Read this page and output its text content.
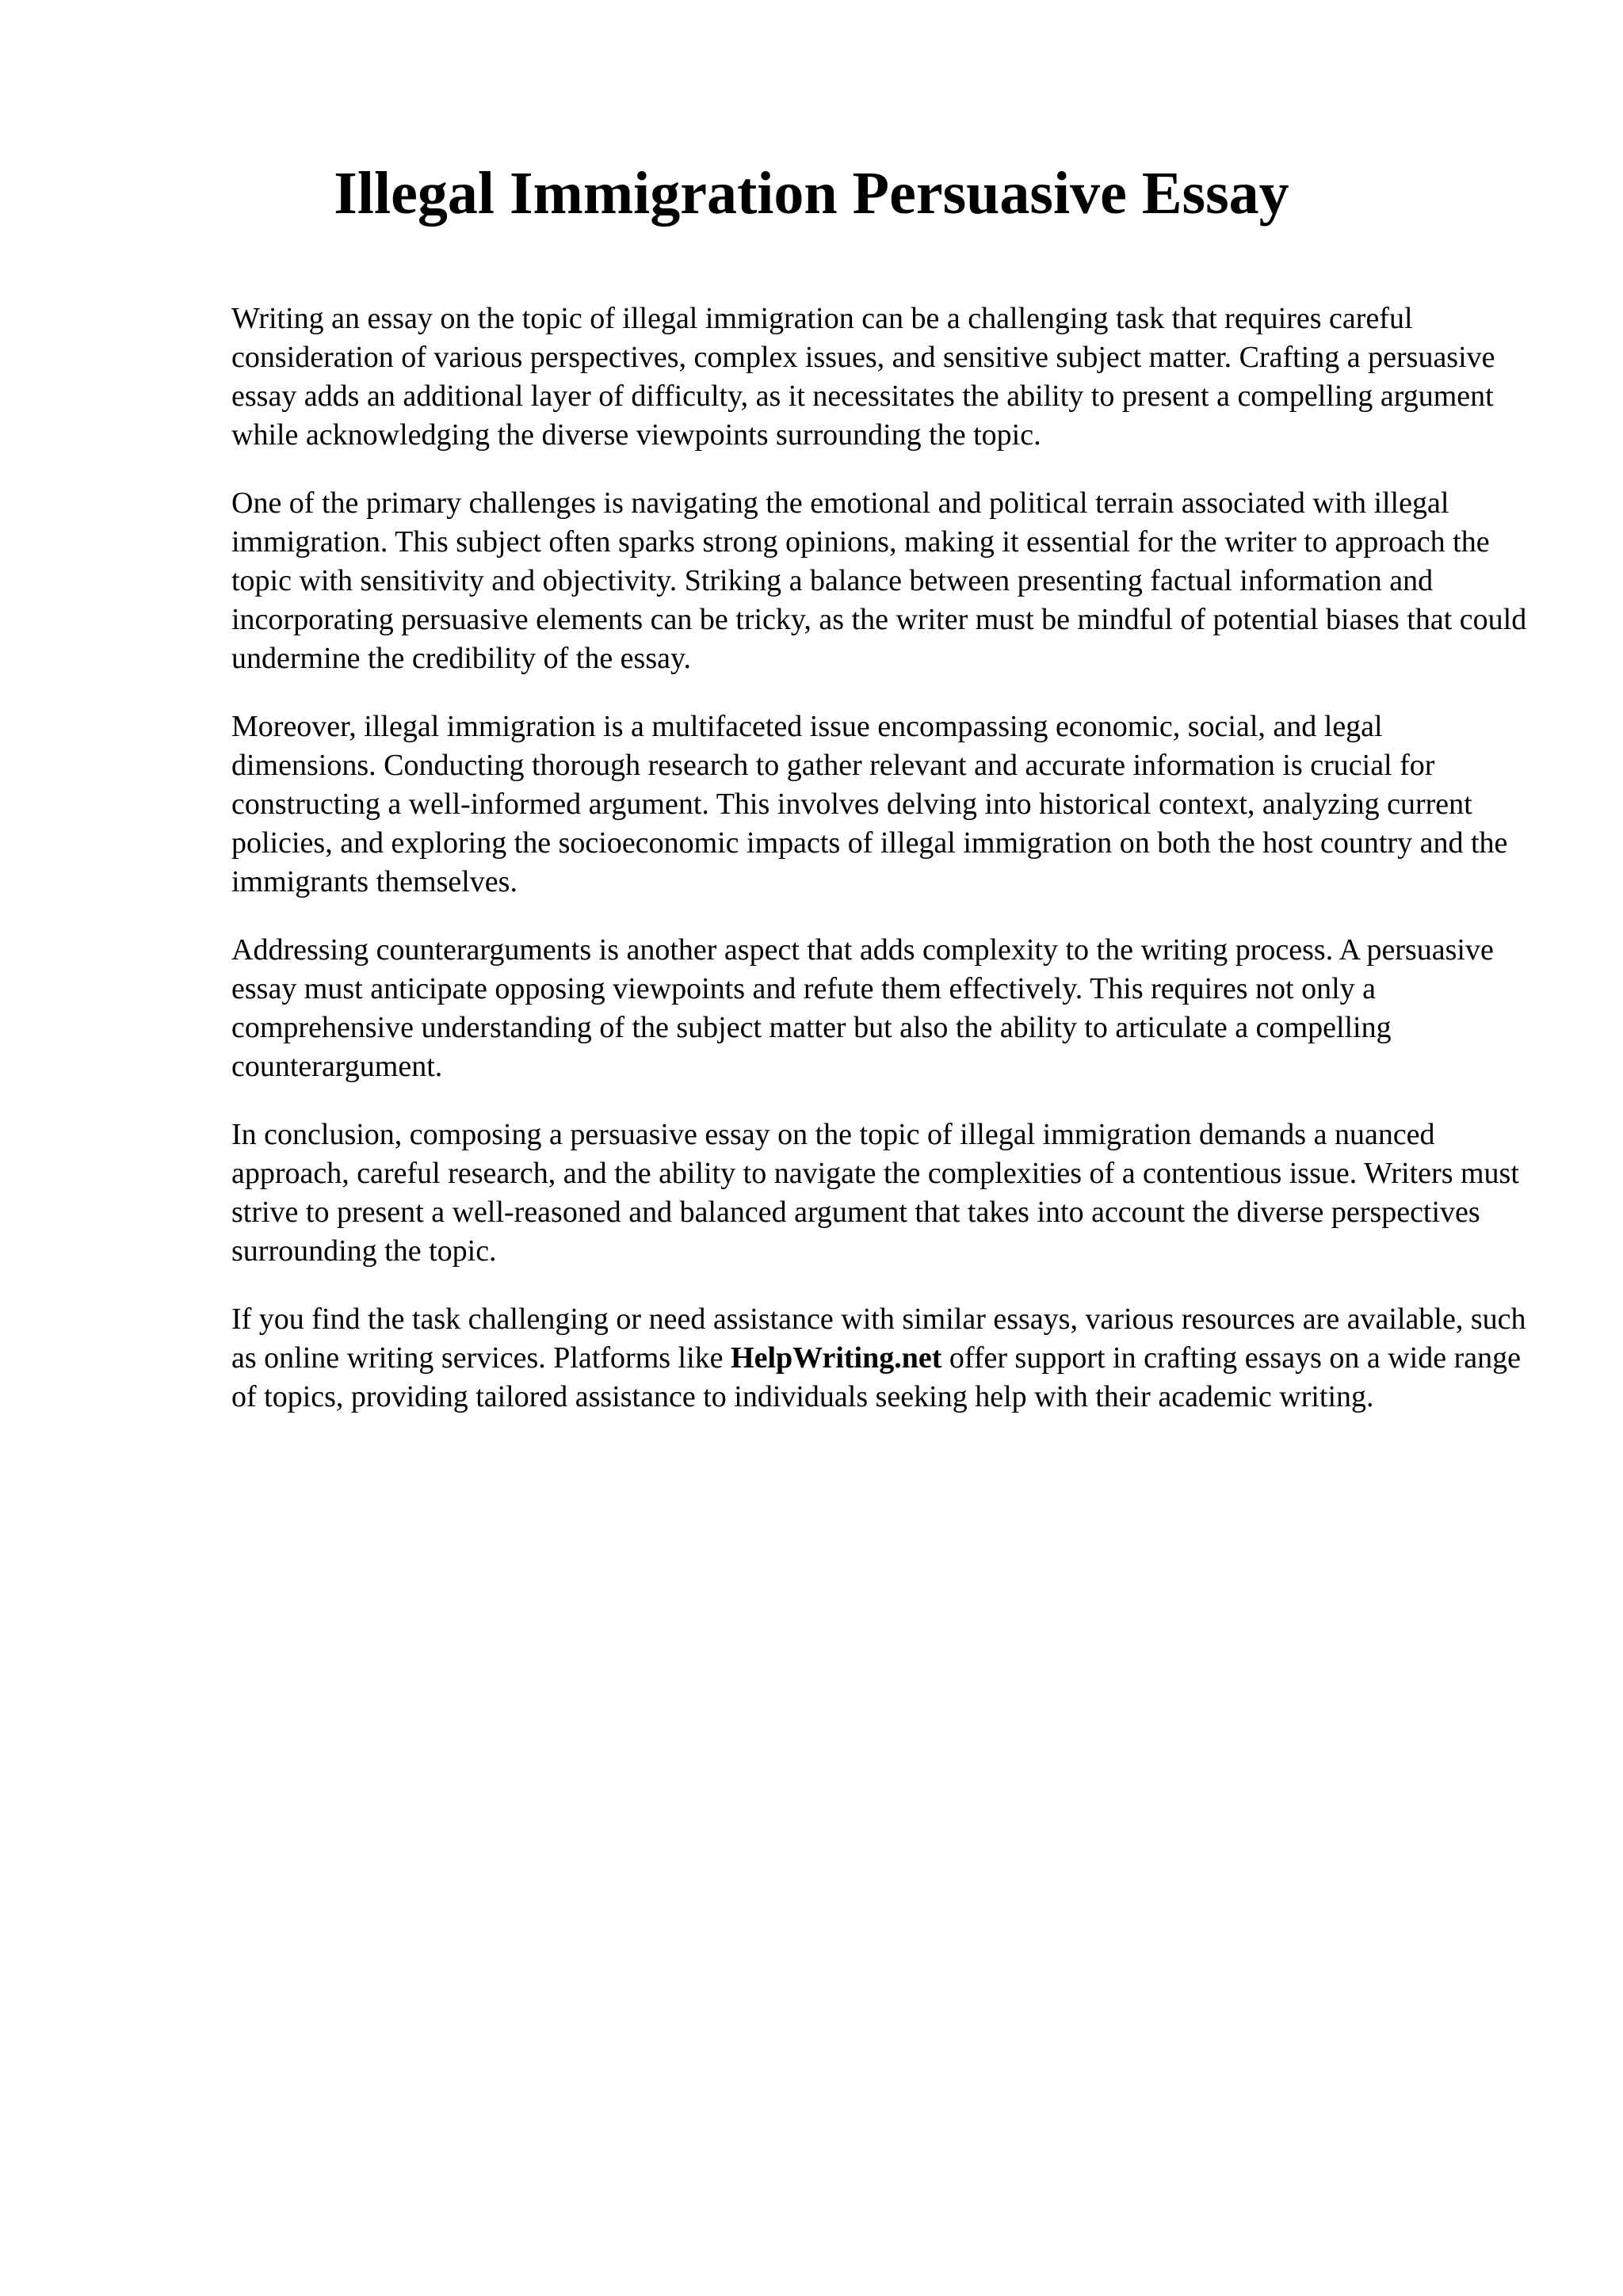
Illegal Immigration Persuasive Essay

Writing an essay on the topic of illegal immigration can be a challenging task that requires careful consideration of various perspectives, complex issues, and sensitive subject matter. Crafting a persuasive essay adds an additional layer of difficulty, as it necessitates the ability to present a compelling argument while acknowledging the diverse viewpoints surrounding the topic.

One of the primary challenges is navigating the emotional and political terrain associated with illegal immigration. This subject often sparks strong opinions, making it essential for the writer to approach the topic with sensitivity and objectivity. Striking a balance between presenting factual information and incorporating persuasive elements can be tricky, as the writer must be mindful of potential biases that could undermine the credibility of the essay.

Moreover, illegal immigration is a multifaceted issue encompassing economic, social, and legal dimensions. Conducting thorough research to gather relevant and accurate information is crucial for constructing a well-informed argument. This involves delving into historical context, analyzing current policies, and exploring the socioeconomic impacts of illegal immigration on both the host country and the immigrants themselves.

Addressing counterarguments is another aspect that adds complexity to the writing process. A persuasive essay must anticipate opposing viewpoints and refute them effectively. This requires not only a comprehensive understanding of the subject matter but also the ability to articulate a compelling counterargument.

In conclusion, composing a persuasive essay on the topic of illegal immigration demands a nuanced approach, careful research, and the ability to navigate the complexities of a contentious issue. Writers must strive to present a well-reasoned and balanced argument that takes into account the diverse perspectives surrounding the topic.

If you find the task challenging or need assistance with similar essays, various resources are available, such as online writing services. Platforms like HelpWriting.net offer support in crafting essays on a wide range of topics, providing tailored assistance to individuals seeking help with their academic writing.
